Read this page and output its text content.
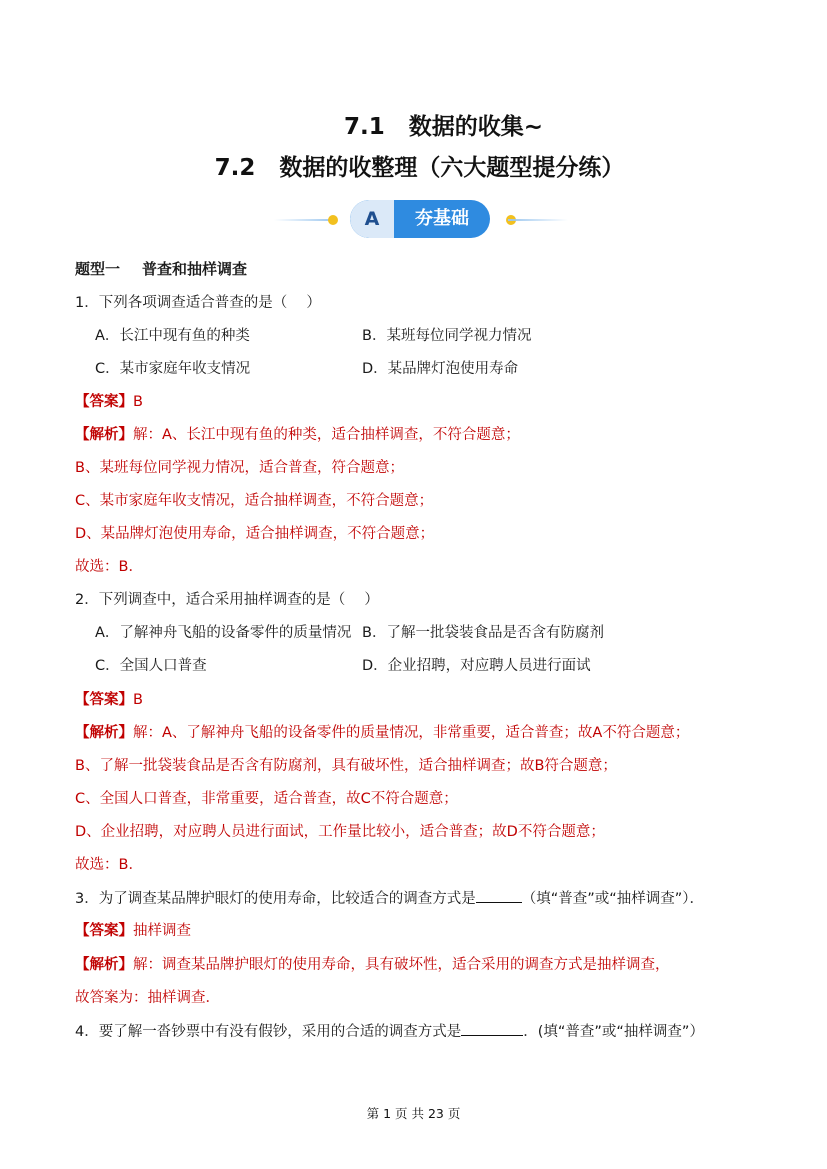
7.1 数据的收集~
7.2 数据的收整理（六大题型提分练）
A	夯基础
题型一 普查和抽样调查
1．下列各项调查适合普查的是（　 ）
A．长江中现有鱼的种类	B．某班每位同学视力情况
C．某市家庭年收支情况	D．某品牌灯泡使用寿命
【答案】B
【解析】解：A、长江中现有鱼的种类，适合抽样调查，不符合题意；
B、某班每位同学视力情况，适合普查，符合题意；
C、某市家庭年收支情况，适合抽样调查，不符合题意；
D、某品牌灯泡使用寿命，适合抽样调查，不符合题意；
故选：B．
2．下列调查中，适合采用抽样调查的是（　 ）
A．了解神舟飞船的设备零件的质量情况 B．了解一批袋装食品是否含有防腐剂
C．全国人口普查	D．企业招聘，对应聘人员进行面试
【答案】B
【解析】解：A、了解神舟飞船的设备零件的质量情况，非常重要，适合普查；故A不符合题意；
B、了解一批袋装食品是否含有防腐剂，具有破坏性，适合抽样调查；故B符合题意；
C、全国人口普查，非常重要，适合普查，故C不符合题意；
D、企业招聘，对应聘人员进行面试，工作量比较小，适合普查；故D不符合题意；
故选：B．
3．为了调查某品牌护眼灯的使用寿命，比较适合的调查方式是	（填“普查”或“抽样调查”）．
【答案】抽样调查
【解析】解：调查某品牌护眼灯的使用寿命，具有破坏性，适合采用的调查方式是抽样调查，
故答案为：抽样调查．
4．要了解一沓钞票中有没有假钞，采用的合适的调查方式是	．(填“普查”或“抽样调查”）
第 1 页 共 23 页
